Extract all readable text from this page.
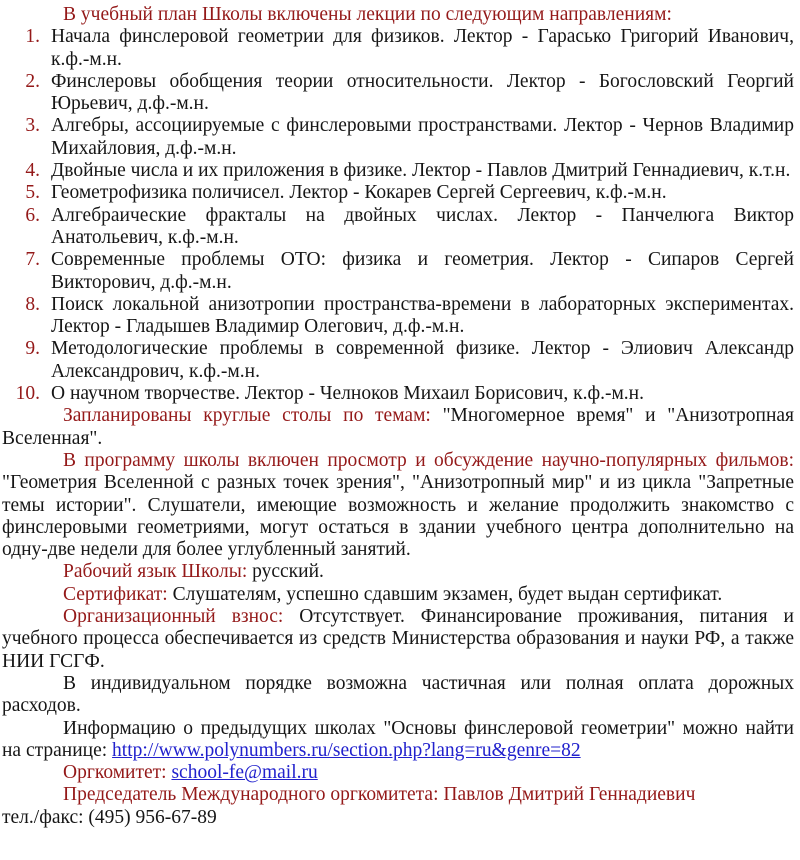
В учебный план Школы включены лекции по следующим направлениям:

1. Начала финслеровой геометрии для физиков. Лектор - Гарасько Григорий Иванович, к.ф.-м.н.
2. Финслеровы обобщения теории относительности. Лектор - Богословский Георгий Юрьевич, д.ф.-м.н.
3. Алгебры, ассоциируемые с финслеровыми пространствами. Лектор - Чернов Владимир Михайловия, д.ф.-м.н.
4. Двойные числа и их приложения в физике. Лектор - Павлов Дмитрий Геннадиевич, к.т.н.
5. Геометрофизика поличисел. Лектор - Кокарев Сергей Сергеевич, к.ф.-м.н.
6. Алгебраические фракталы на двойных числах. Лектор - Панчелюга Виктор Анатольевич, к.ф.-м.н.
7. Современные проблемы ОТО: физика и геометрия. Лектор - Сипаров Сергей Викторович, д.ф.-м.н.
8. Поиск локальной анизотропии пространства-времени в лабораторных экспериментах. Лектор - Гладышев Владимир Олегович, д.ф.-м.н.
9. Методологические проблемы в современной физике. Лектор - Элиович Александр Александрович, к.ф.-м.н.
10. О научном творчестве. Лектор - Челноков Михаил Борисович, к.ф.-м.н.

Запланированы круглые столы по темам: "Многомерное время" и "Анизотропная Вселенная".

В программу школы включен просмотр и обсуждение научно-популярных фильмов: "Геометрия Вселенной с разных точек зрения", "Анизотропный мир" и из цикла "Запретные темы истории". Слушатели, имеющие возможность и желание продолжить знакомство с финслеровыми геометриями, могут остаться в здании учебного центра дополнительно на одну-две недели для более углубленный занятий.

Рабочий язык Школы: русский.

Сертификат: Слушателям, успешно сдавшим экзамен, будет выдан сертификат.

Организационный взнос: Отсутствует. Финансирование проживания, питания и учебного процесса обеспечивается из средств Министерства образования и науки РФ, а также НИИ ГСГФ.

В индивидуальном порядке возможна частичная или полная оплата дорожных расходов.

Информацию о предыдущих школах "Основы финслеровой геометрии" можно найти на странице: http://www.polynumbers.ru/section.php?lang=ru&genre=82

Оргкомитет: school-fe@mail.ru

Председатель Международного оргкомитета: Павлов Дмитрий Геннадиевич
тел./факс: (495) 956-67-89
